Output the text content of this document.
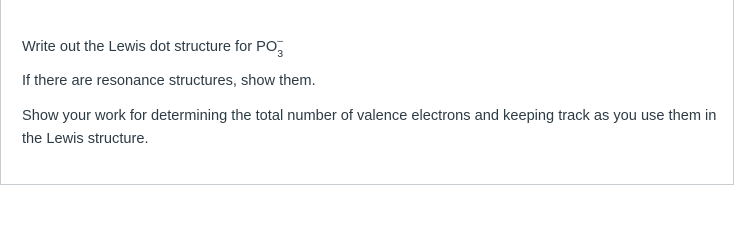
Write out the Lewis dot structure for PO –
3

If there are resonance structures, show them.

Show your work for determining the total number of valence electrons and keeping track as you use them in the Lewis structure.
